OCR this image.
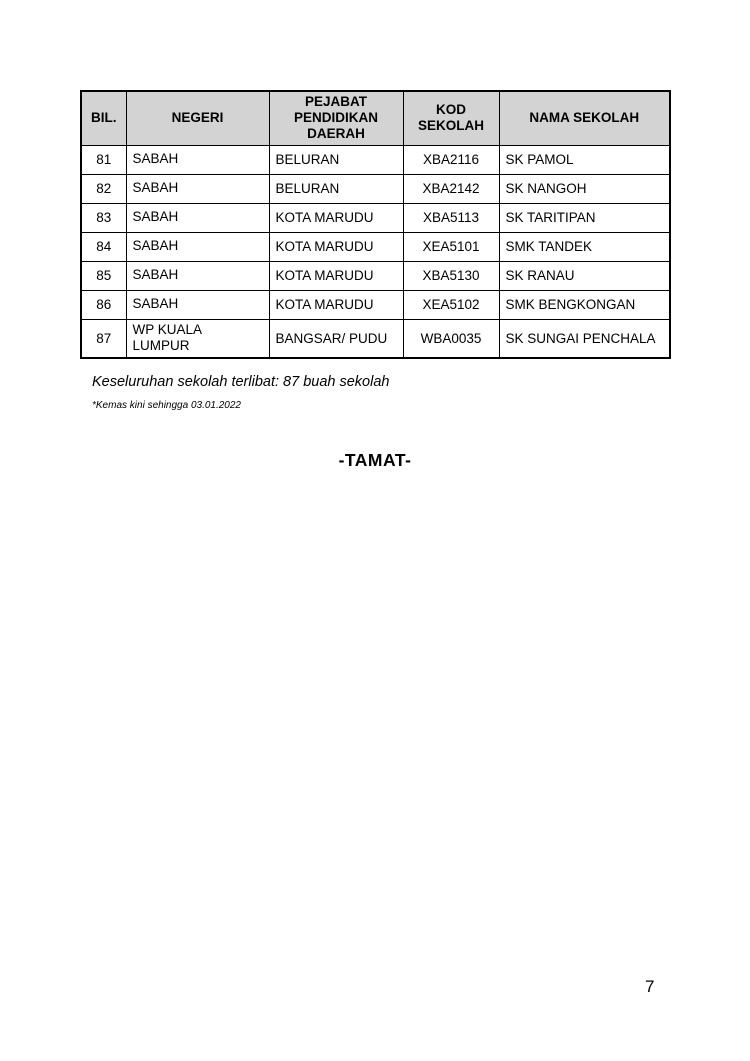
BIL.	NEGERI	PEJABAT PENDIDIKAN DAERAH	KOD SEKOLAH	NAMA SEKOLAH
81	SABAH	BELURAN	XBA2116	SK PAMOL
82	SABAH	BELURAN	XBA2142	SK NANGOH
83	SABAH	KOTA MARUDU	XBA5113	SK TARITIPAN
84	SABAH	KOTA MARUDU	XEA5101	SMK TANDEK
85	SABAH	KOTA MARUDU	XBA5130	SK RANAU
86	SABAH	KOTA MARUDU	XEA5102	SMK BENGKONGAN
87	WP KUALA LUMPUR	BANGSAR/ PUDU	WBA0035	SK SUNGAI PENCHALA
Keseluruhan sekolah terlibat: 87 buah sekolah
*Kemas kini sehingga 03.01.2022
-TAMAT-
7
